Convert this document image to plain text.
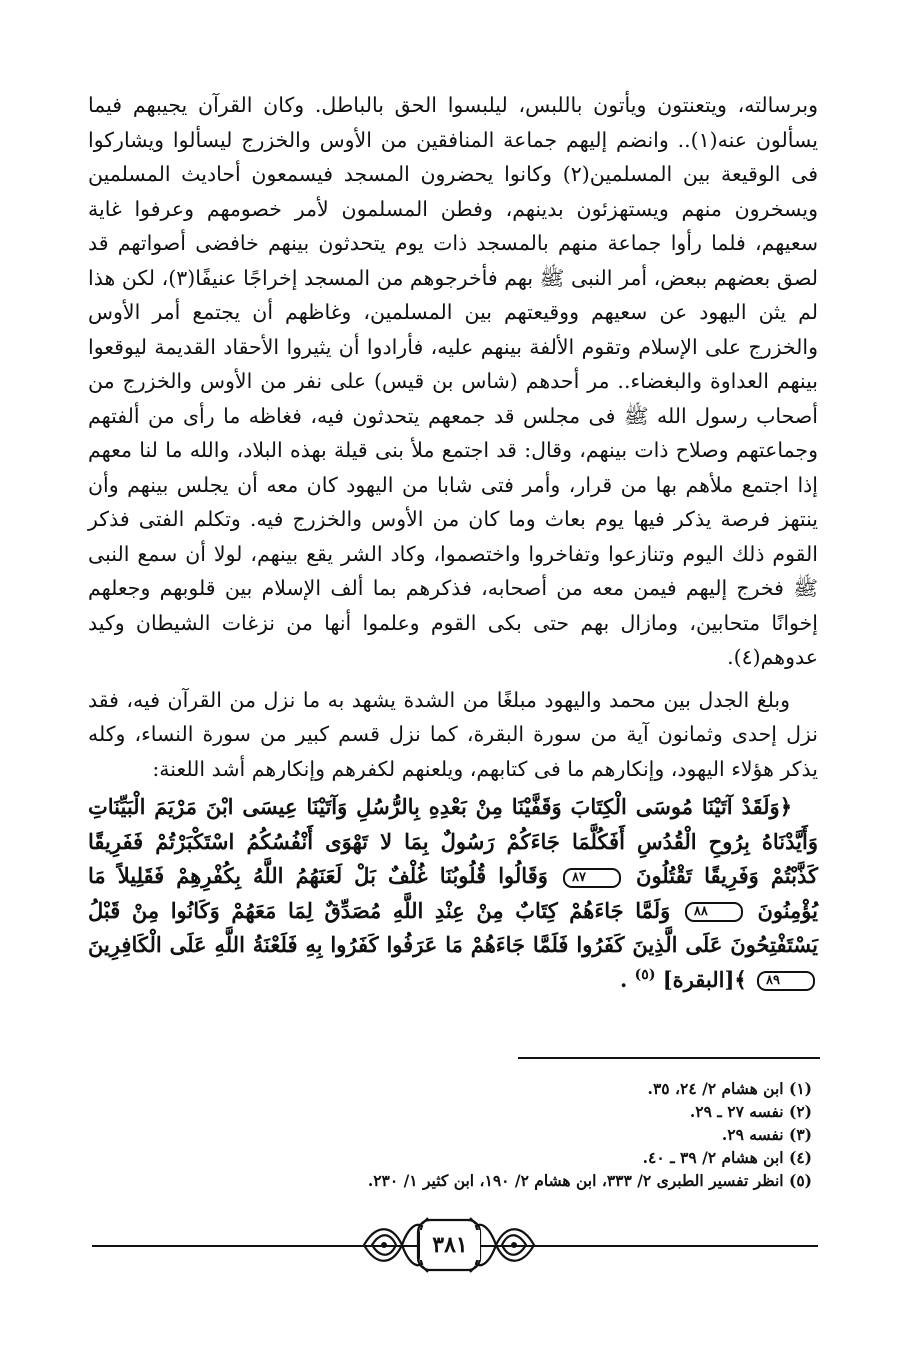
وبرسالته، ويتعنتون ويأتون باللبس، ليلبسوا الحق بالباطل. وكان القرآن يجيبهم فيما يسألون عنه(١).. وانضم إليهم جماعة المنافقين من الأوس والخزرج ليسألوا ويشاركوا فى الوقيعة بين المسلمين(٢) وكانوا يحضرون المسجد فيسمعون أحاديث المسلمين ويسخرون منهم ويستهزئون بدينهم، وفطن المسلمون لأمر خصومهم وعرفوا غاية سعيهم، فلما رأوا جماعة منهم بالمسجد ذات يوم يتحدثون بينهم خافضى أصواتهم قد لصق بعضهم ببعض، أمر النبى ﷺ بهم فأخرجوهم من المسجد إخراجًا عنيفًا(٣)، لكن هذا لم يثن اليهود عن سعيهم ووقيعتهم بين المسلمين، وغاظهم أن يجتمع أمر الأوس والخزرج على الإسلام وتقوم الألفة بينهم عليه، فأرادوا أن يثيروا الأحقاد القديمة ليوقعوا بينهم العداوة والبغضاء.. مر أحدهم (شاس بن قيس) على نفر من الأوس والخزرج من أصحاب رسول الله ﷺ فى مجلس قد جمعهم يتحدثون فيه، فغاظه ما رأى من ألفتهم وجماعتهم وصلاح ذات بينهم، وقال: قد اجتمع ملأ بنى قيلة بهذه البلاد، والله ما لنا معهم إذا اجتمع ملأهم بها من قرار، وأمر فتى شابا من اليهود كان معه أن يجلس بينهم وأن ينتهز فرصة يذكر فيها يوم بعاث وما كان من الأوس والخزرج فيه. وتكلم الفتى فذكر القوم ذلك اليوم وتنازعوا وتفاخروا واختصموا، وكاد الشر يقع بينهم، لولا أن سمع النبى ﷺ فخرج إليهم فيمن معه من أصحابه، فذكرهم بما ألف الإسلام بين قلوبهم وجعلهم إخوانًا متحابين، ومازال بهم حتى بكى القوم وعلموا أنها من نزغات الشيطان وكيد عدوهم(٤).

وبلغ الجدل بين محمد واليهود مبلغًا من الشدة يشهد به ما نزل من القرآن فيه، فقد نزل إحدى وثمانون آية من سورة البقرة، كما نزل قسم كبير من سورة النساء، وكله يذكر هؤلاء اليهود، وإنكارهم ما فى كتابهم، ويلعنهم لكفرهم وإنكارهم أشد اللعنة:

﴿وَلَقَدْ آتَيْنَا مُوسَى الْكِتَابَ وَقَفَّيْنَا مِنْ بَعْدِهِ بِالرُّسُلِ وَآتَيْنَا عِيسَى ابْنَ مَرْيَمَ الْبَيِّنَاتِ وَأَيَّدْنَاهُ بِرُوحِ الْقُدُسِ أَفَكُلَّمَا جَاءَكُمْ رَسُولٌ بِمَا لا تَهْوَى أَنْفُسُكُمُ اسْتَكْبَرْتُمْ فَفَرِيقًا كَذَّبْتُمْ وَفَرِيقًا تَقْتُلُونَ ٨٧ وَقَالُوا قُلُوبُنَا غُلْفٌ بَلْ لَعَنَهُمُ اللَّهُ بِكُفْرِهِمْ فَقَلِيلاً مَا يُؤْمِنُونَ ٨٨ وَلَمَّا جَاءَهُمْ كِتَابٌ مِنْ عِنْدِ اللَّهِ مُصَدِّقٌ لِمَا مَعَهُمْ وَكَانُوا مِنْ قَبْلُ يَسْتَفْتِحُونَ عَلَى الَّذِينَ كَفَرُوا فَلَمَّا جَاءَهُمْ مَا عَرَفُوا كَفَرُوا بِهِ فَلَعْنَةُ اللَّهِ عَلَى الْكَافِرِينَ ٨٩ ﴾[البقرة] $^{(٥)}$ .

(١) ابن هشام ٢/ ٢٤، ٣٥.
(٢) نفسه ٢٧ ـ ٢٩.
(٣) نفسه ٢٩.
(٤) ابن هشام ٢/ ٣٩ ـ ٤٠.
(٥) انظر تفسير الطبرى ٢/ ٣٣٣، ابن هشام ٢/ ١٩٠، ابن كثير ١/ ٢٣٠.
٣٨١
